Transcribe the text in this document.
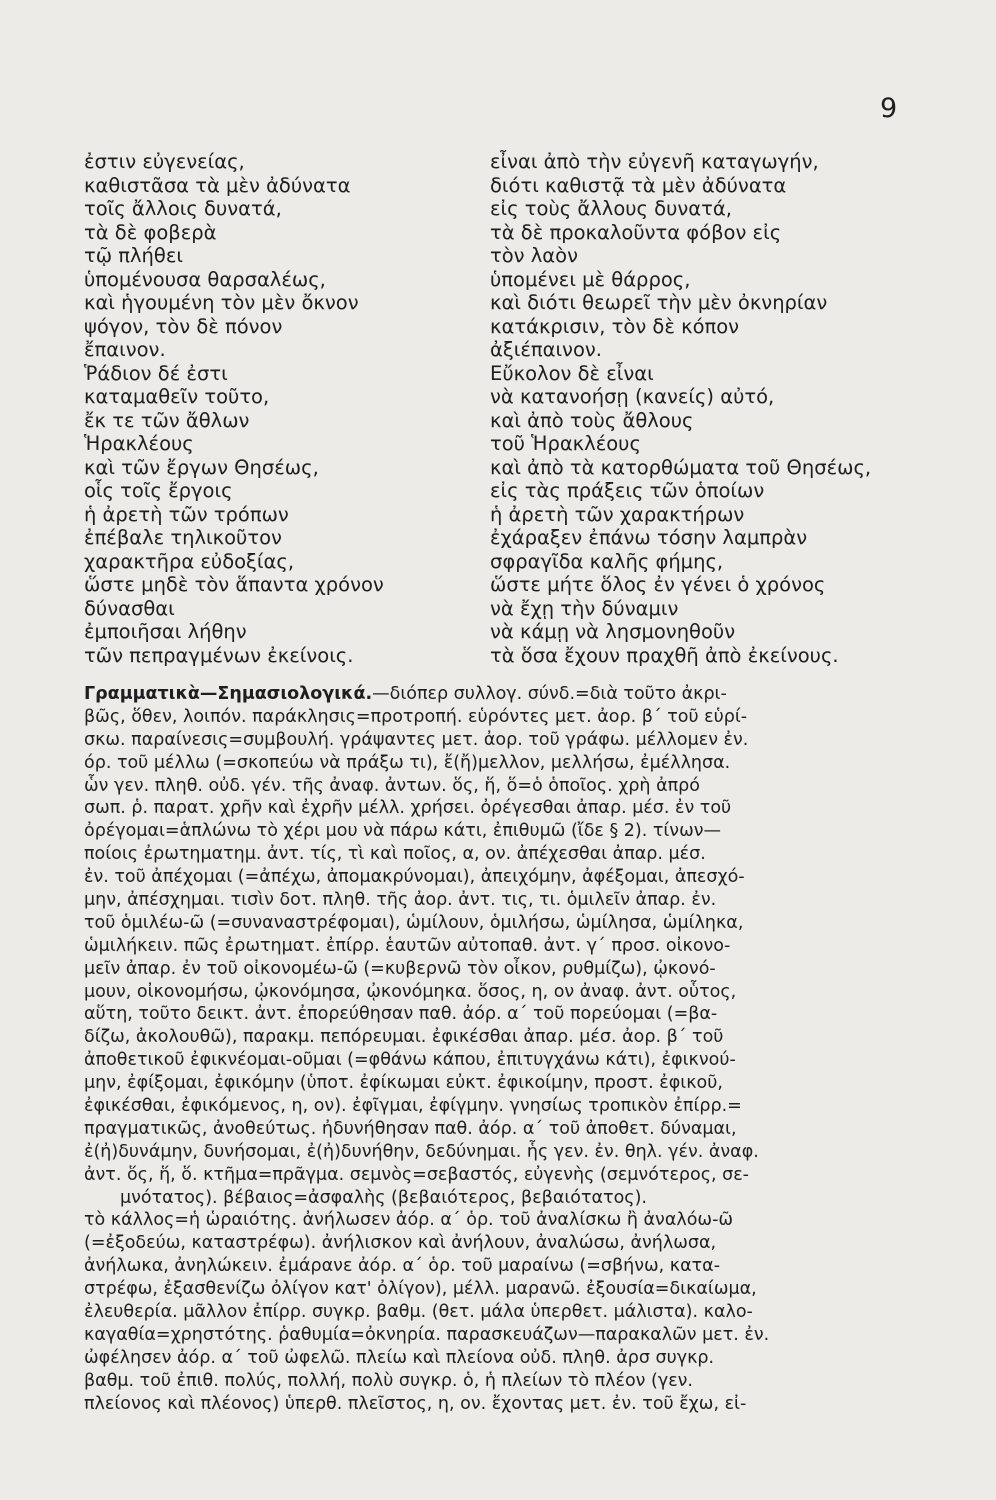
9
ἐστιν εὐγενείας,
καθιστᾶσα τὰ μὲν ἀδύνατα
τοῖς ἄλλοις δυνατά,
τὰ δὲ φοβερὰ
τῷ πλήθει
ὑπομένουσα θαρσαλέως,
καὶ ἡγουμένη τὸν μὲν ὄκνον
ψόγον, τὸν δὲ πόνον
ἔπαινον.
Ῥάδιον δέ ἐστι
καταμαθεῖν τοῦτο,
ἔκ τε τῶν ἄθλων
Ἡρακλέους
καὶ τῶν ἔργων Θησέως,
οἷς τοῖς ἔργοις
ἡ ἀρετὴ τῶν τρόπων
ἐπέβαλε τηλικοῦτον
χαρακτῆρα εὐδοξίας,
ὥστε μηδὲ τὸν ἅπαντα χρόνον
δύνασθαι
ἐμποιῆσαι λήθην
τῶν πεπραγμένων ἐκείνοις.
εἶναι ἀπὸ τὴν εὐγενῆ καταγωγήν,
διότι καθιστᾷ τὰ μὲν ἀδύνατα
εἰς τοὺς ἄλλους δυνατά,
τὰ δὲ προκαλοῦντα φόβον εἰς
τὸν λαὸν
ὑπομένει μὲ θάρρος,
καὶ διότι θεωρεῖ τὴν μὲν ὀκνηρίαν
κατάκρισιν, τὸν δὲ κόπον
ἀξιέπαινον.
Εὔκολον δὲ εἶναι
νὰ κατανοήσῃ (κανείς) αὐτό,
καὶ ἀπὸ τοὺς ἄθλους
τοῦ Ἡρακλέους
καὶ ἀπὸ τὰ κατορθώματα τοῦ Θησέως,
εἰς τὰς πράξεις τῶν ὁποίων
ἡ ἀρετὴ τῶν χαρακτήρων
ἐχάραξεν ἐπάνω τόσην λαμπρὰν
σφραγῖδα καλῆς φήμης,
ὥστε μήτε ὅλος ἐν γένει ὁ χρόνος
νὰ ἔχῃ τὴν δύναμιν
νὰ κάμῃ νὰ λησμονηθοῦν
τὰ ὅσα ἔχουν πραχθῆ ἀπὸ ἐκείνους.
Γραμματικὰ—Σημασιολογικά.—διόπερ συλλογ. σύνδ.=διὰ τοῦτο ἀκρι-
βῶς, ὅθεν, λοιπόν. παράκλησις=προτροπή. εὑρόντες μετ. ἀορ. β΄ τοῦ εὑρί-
σκω. παραίνεσις=συμβουλή. γράψαντες μετ. ἀορ. τοῦ γράφω. μέλλομεν ἐν.
όρ. τοῦ μέλλω (=σκοπεύω νὰ πράξω τι), ἔ(ἤ)μελλον, μελλήσω, ἐμέλλησα.
ὧν γεν. πληθ. οὐδ. γέν. τῆς ἀναφ. ἀντων. ὅς, ἥ, ὅ=ὁ ὁποῖος. χρὴ ἀπρό
σωπ. ῥ. παρατ. χρῆν καὶ ἐχρῆν μέλλ. χρήσει. ὀρέγεσθαι ἀπαρ. μέσ. ἐν τοῦ
ὀρέγομαι=ἁπλώνω τὸ χέρι μου νὰ πάρω κάτι, ἐπιθυμῶ (ἴδε § 2). τίνων—
ποίοις ἐρωτηματημ. ἀντ. τίς, τὶ καὶ ποῖος, α, ον. ἀπέχεσθαι ἀπαρ. μέσ.
ἐν. τοῦ ἀπέχομαι (=ἀπέχω, ἀπομακρύνομαι), ἀπειχόμην, ἀφέξομαι, ἀπεσχό-
μην, ἀπέσχημαι. τισὶν δοτ. πληθ. τῆς ἀορ. ἀντ. τις, τι. ὁμιλεῖν ἀπαρ. ἐν.
τοῦ ὁμιλέω-ῶ (=συναναστρέφομαι), ὡμίλουν, ὁμιλήσω, ὡμίλησα, ὡμίληκα,
ὡμιλήκειν. πῶς ἐρωτηματ. ἐπίρρ. ἑαυτῶν αὐτοπαθ. ἀντ. γ΄ προσ. οἰκονο-
μεῖν ἀπαρ. ἐν τοῦ οἰκονομέω-ῶ (=κυβερνῶ τὸν οἶκον, ρυθμίζω), ᾠκονό-
μουν, οἰκονομήσω, ᾠκονόμησα, ᾠκονόμηκα. ὅσος, η, ον ἀναφ. ἀντ. οὗτος,
αὕτη, τοῦτο δεικτ. ἀντ. ἐπορεύθησαν παθ. ἀόρ. α΄ τοῦ πορεύομαι (=βα-
δίζω, ἀκολουθῶ), παρακμ. πεπόρευμαι. ἐφικέσθαι ἀπαρ. μέσ. ἀορ. β΄ τοῦ
ἀποθετικοῦ ἐφικνέομαι-οῦμαι (=φθάνω κάπου, ἐπιτυγχάνω κάτι), ἐφικνού-
μην, ἐφίξομαι, ἐφικόμην (ὑποτ. ἐφίκωμαι εὐκτ. ἐφικοίμην, προστ. ἐφικοῦ,
ἐφικέσθαι, ἐφικόμενος, η, ον). ἐφῖγμαι, ἐφίγμην. γνησίως τροπικὸν ἐπίρρ.=
πραγματικῶς, ἀνοθεύτως. ἠδυνήθησαν παθ. ἀόρ. α΄ τοῦ ἀποθετ. δύναμαι,
ἐ(ἠ)δυνάμην, δυνήσομαι, ἐ(ἠ)δυνήθην, δεδύνημαι. ἧς γεν. ἐν. θηλ. γέν. ἀναφ.
ἀντ. ὅς, ἥ, ὅ. κτῆμα=πρᾶγμα. σεμνὸς=σεβαστός, εὐγενὴς (σεμνότερος, σε-
μνότατος). βέβαιος=ἀσφαλὴς (βεβαιότερος, βεβαιότατος).
τὸ κάλλος=ἡ ὡραιότης. ἀνήλωσεν ἀόρ. α΄ ὁρ. τοῦ ἀναλίσκω ἢ ἀναλόω-ῶ
(=ἐξοδεύω, καταστρέφω). ἀνήλισκον καὶ ἀνήλουν, ἀναλώσω, ἀνήλωσα,
ἀνήλωκα, ἀνηλώκειν. ἐμάρανε ἀόρ. α΄ ὁρ. τοῦ μαραίνω (=σβήνω, κατα-
στρέφω, ἐξασθενίζω ὀλίγον κατ' ὀλίγον), μέλλ. μαρανῶ. ἐξουσία=δικαίωμα,
ἐλευθερία. μᾶλλον ἐπίρρ. συγκρ. βαθμ. (θετ. μάλα ὑπερθετ. μάλιστα). καλο-
καγαθία=χρηστότης. ῥαθυμία=ὀκνηρία. παρασκευάζων—παρακαλῶν μετ. ἐν.
ὠφέλησεν ἀόρ. α΄ τοῦ ὠφελῶ. πλείω καὶ πλείονα οὐδ. πληθ. ἀρσ συγκρ.
βαθμ. τοῦ ἐπιθ. πολύς, πολλή, πολὺ συγκρ. ὁ, ἡ πλείων τὸ πλέον (γεν.
πλείονος καὶ πλέονος) ὑπερθ. πλεῖστος, η, ον. ἔχοντας μετ. ἐν. τοῦ ἔχω, εἰ-
